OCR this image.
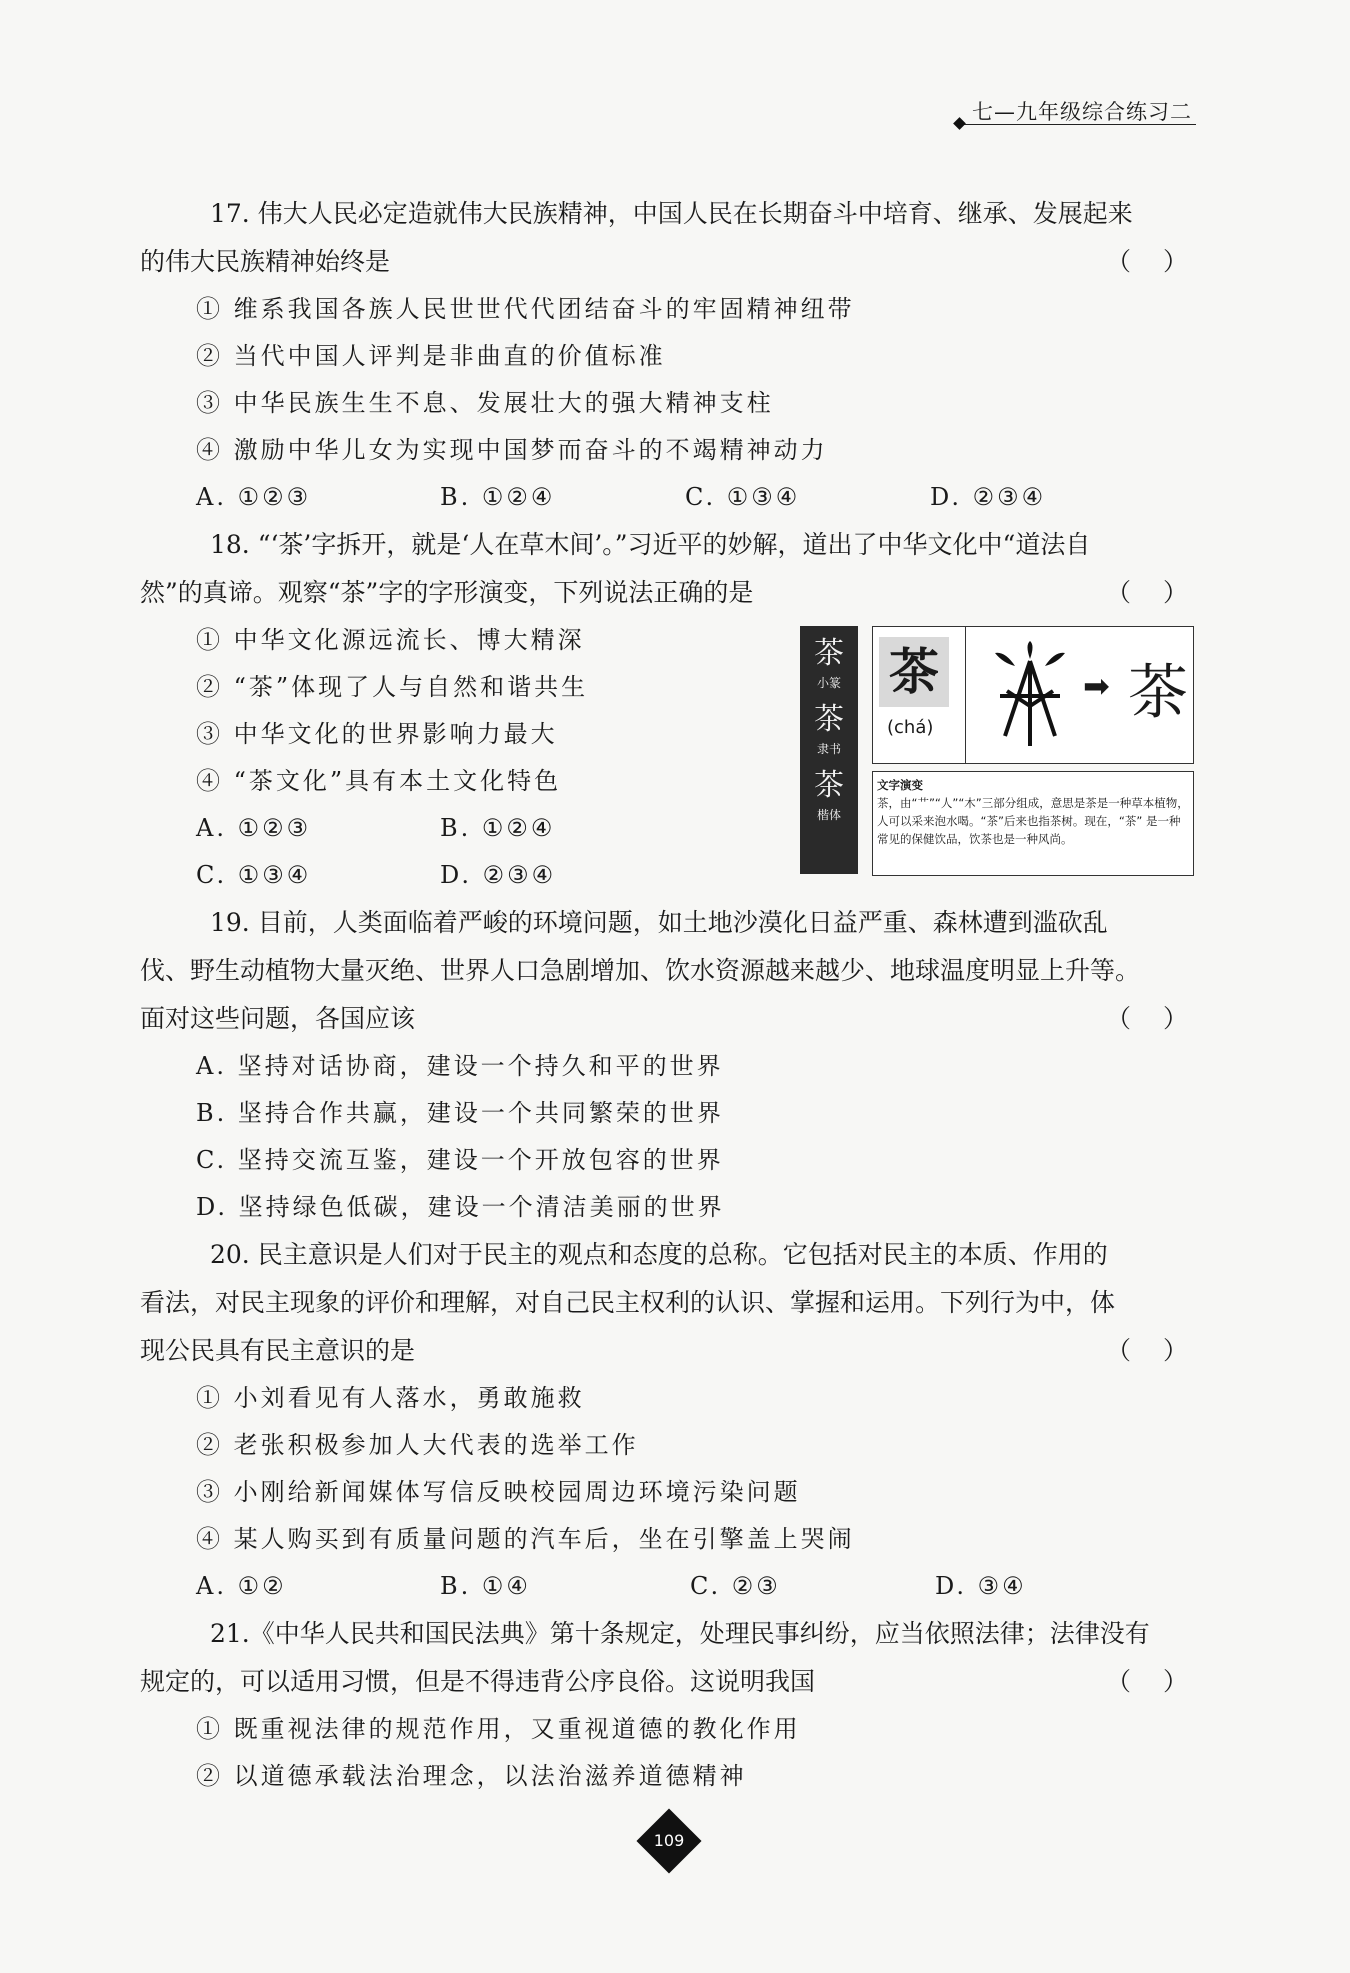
七—九年级综合练习二
17. 伟大人民必定造就伟大民族精神，中国人民在长期奋斗中培育、继承、发展起来
的伟大民族精神始终是	（ ）
① 维系我国各族人民世世代代团结奋斗的牢固精神纽带
② 当代中国人评判是非曲直的价值标准
③ 中华民族生生不息、发展壮大的强大精神支柱
④ 激励中华儿女为实现中国梦而奋斗的不竭精神动力
A. ①②③	B. ①②④	C. ①③④	D. ②③④
18. “‘茶’字拆开，就是‘人在草木间’。”习近平的妙解，道出了中华文化中“道法自
然”的真谛。观察“茶”字的字形演变，下列说法正确的是	（ ）
① 中华文化源远流长、博大精深
② “茶”体现了人与自然和谐共生
③ 中华文化的世界影响力最大
④ “茶文化”具有本土文化特色
A. ①②③	B. ①②④
C. ①③④	D. ②③④
19. 目前，人类面临着严峻的环境问题，如土地沙漠化日益严重、森林遭到滥砍乱
伐、野生动植物大量灭绝、世界人口急剧增加、饮水资源越来越少、地球温度明显上升等。
面对这些问题，各国应该	（ ）
A. 坚持对话协商，建设一个持久和平的世界
B. 坚持合作共赢，建设一个共同繁荣的世界
C. 坚持交流互鉴，建设一个开放包容的世界
D. 坚持绿色低碳，建设一个清洁美丽的世界
20. 民主意识是人们对于民主的观点和态度的总称。它包括对民主的本质、作用的
看法，对民主现象的评价和理解，对自己民主权利的认识、掌握和运用。下列行为中，体
现公民具有民主意识的是	（ ）
① 小刘看见有人落水，勇敢施救
② 老张积极参加人大代表的选举工作
③ 小刚给新闻媒体写信反映校园周边环境污染问题
④ 某人购买到有质量问题的汽车后，坐在引擎盖上哭闹
A. ①②	B. ①④	C. ②③	D. ③④
21.《中华人民共和国民法典》第十条规定，处理民事纠纷，应当依照法律；法律没有
规定的，可以适用习惯，但是不得违背公序良俗。这说明我国	（ ）
① 既重视法律的规范作用，又重视道德的教化作用
② 以道德承载法治理念，以法治滋养道德精神
茶
小篆
茶
隶书
茶
楷体
茶
(chá)
➡ 茶
文字演变
茶，由“艹”“人”“木”三部分组成，意思是茶是一种草本植物，人可以采来泡水喝。“茶”后来也指茶树。现在，“茶” 是一种常见的保健饮品，饮茶也是一种风尚。
109
